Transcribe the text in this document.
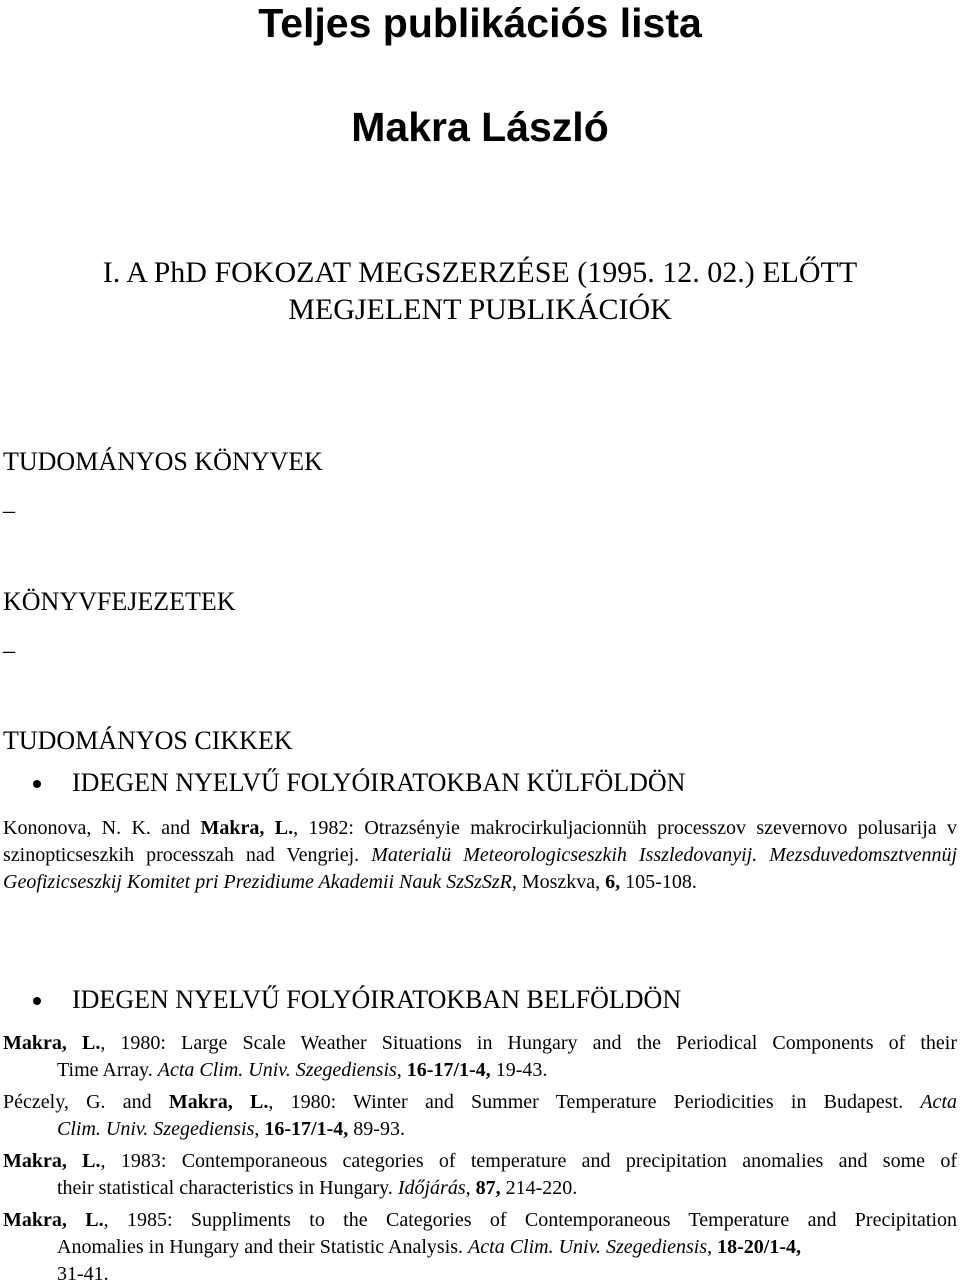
Teljes publikációs lista
Makra László
I. A PhD FOKOZAT MEGSZERZÉSE (1995. 12. 02.) ELŐTT
MEGJELENT PUBLIKÁCIÓK
TUDOMÁNYOS KÖNYVEK
_
KÖNYVFEJEZETEK
_
TUDOMÁNYOS CIKKEK
IDEGEN NYELVŰ FOLYÓIRATOKBAN KÜLFÖLDÖN
Kononova, N. K. and Makra, L., 1982: Otrazsényie makrocirkuljacionnüh processzov szevernovo polusarija v szinopticseszkih processzah nad Vengriej. Materialü Meteorologicseszkih Isszledovanyij. Mezsduvedomsztvennüj Geofizicseszkij Komitet pri Prezidiume Akademii Nauk SzSzSzR, Moszkva, 6, 105-108.
IDEGEN NYELVŰ FOLYÓIRATOKBAN BELFÖLDÖN
Makra, L., 1980: Large Scale Weather Situations in Hungary and the Periodical Components of their
Time Array. Acta Clim. Univ. Szegediensis, 16-17/1-4, 19-43.
Péczely, G. and Makra, L., 1980: Winter and Summer Temperature Periodicities in Budapest. Acta
Clim. Univ. Szegediensis, 16-17/1-4, 89-93.
Makra, L., 1983: Contemporaneous categories of temperature and precipitation anomalies and some of
their statistical characteristics in Hungary. Időjárás, 87, 214-220.
Makra, L., 1985: Suppliments to the Categories of Contemporaneous Temperature and Precipitation
Anomalies in Hungary and their Statistic Analysis. Acta Clim. Univ. Szegediensis, 18-20/1-4,
31-41.
